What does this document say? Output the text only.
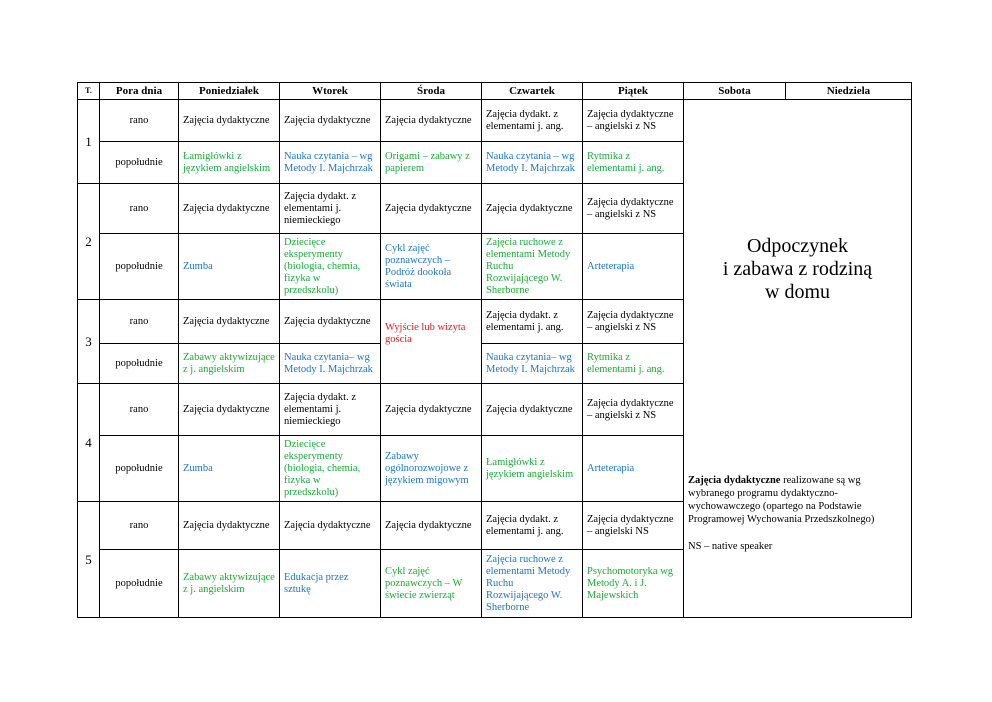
T.	Pora dnia	Poniedziałek	Wtorek	Środa	Czwartek	Piątek	Sobota	Niedziela
1	rano	Zajęcia dydaktyczne	Zajęcia dydaktyczne	Zajęcia dydaktyczne	Zajęcia dydakt. z elementami j. ang.	Zajęcia dydaktyczne – angielski z NS	Odpoczynek
i zabawa z rodziną
w domu

Zajęcia dydaktyczne realizowane są wg wybranego programu dydaktyczno-wychowawczego (opartego na Podstawie Programowej Wychowania Przedszkolnego)

NS – native speaker	

	popołudnie	Łamigłówki z językiem angielskim	Nauka czytania – wg Metody I. Majchrzak	Origami – zabawy z papierem	Nauka czytania – wg Metody I. Majchrzak	Rytmika z elementami j. ang.		
2	rano	Zajęcia dydaktyczne	Zajęcia dydakt. z elementami j. niemieckiego	Zajęcia dydaktyczne	Zajęcia dydaktyczne	Zajęcia dydaktyczne – angielski z NS		
	popołudnie	Zumba	Dziecięce eksperymenty (biologia, chemia, fizyka w przedszkolu)	Cykl zajęć poznawczych – Podróż dookoła świata	Zajęcia ruchowe z elementami Metody Ruchu Rozwijającego W. Sherborne	Arteterapia		
3	rano	Zajęcia dydaktyczne	Zajęcia dydaktyczne	Wyjście lub wizyta gościa	Zajęcia dydakt. z elementami j. ang.	Zajęcia dydaktyczne – angielski z NS		
	popołudnie	Zabawy aktywizujące z j. angielskim	Nauka czytania– wg Metody I. Majchrzak		Nauka czytania– wg Metody I. Majchrzak	Rytmika z elementami j. ang.		
4	rano	Zajęcia dydaktyczne	Zajęcia dydakt. z elementami j. niemieckiego	Zajęcia dydaktyczne	Zajęcia dydaktyczne	Zajęcia dydaktyczne – angielski z NS		
	popołudnie	Zumba	Dziecięce eksperymenty (biologia, chemia, fizyka w przedszkolu)	Zabawy ogólnorozwojowe z językiem migowym	Łamigłówki z językiem angielskim	Arteterapia		
5	rano	Zajęcia dydaktyczne	Zajęcia dydaktyczne	Zajęcia dydaktyczne	Zajęcia dydakt. z elementami j. ang.	Zajęcia dydaktyczne – angielski NS		
	popołudnie	Zabawy aktywizujące z j. angielskim	Edukacja przez sztukę	Cykl zajęć poznawczych – W świecie zwierząt	Zajęcia ruchowe z elementami Metody Ruchu Rozwijającego W. Sherborne	Psychomotoryka wg Metody A. i J. Majewskich		
